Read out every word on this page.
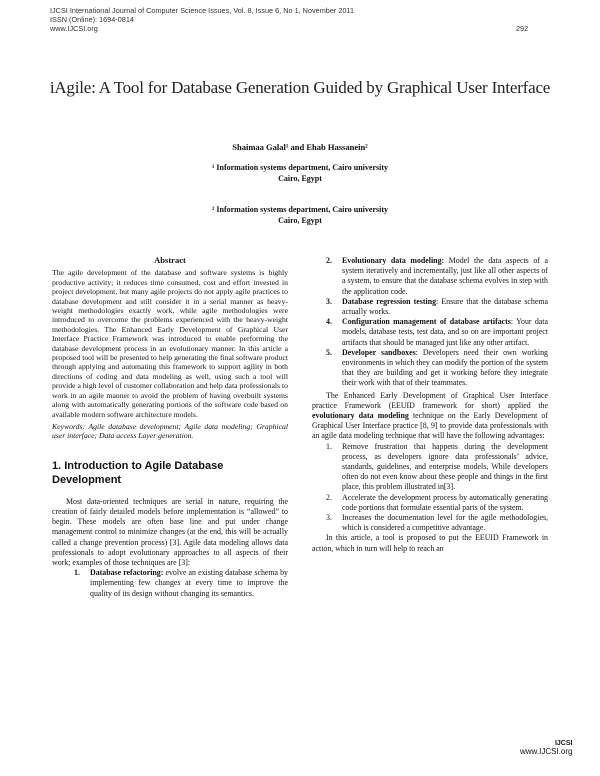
IJCSI International Journal of Computer Science Issues, Vol. 8, Issue 6, No 1, November 2011
ISSN (Online): 1694-0814
www.IJCSI.org	292
iAgile: A Tool for Database Generation Guided by Graphical User Interface
Shaimaa Galal¹ and Ehab Hassanein²
¹ Information systems department, Cairo university
Cairo, Egypt
² Information systems department, Cairo university
Cairo, Egypt

Abstract

The agile development of the database and software systems is highly productive activity; it reduces time consumed, cost and effort invested in project development, but many agile projects do not apply agile practices to database development and still consider it in a serial manner as heavy-weight methodologies exactly work, while agile methodologies were introduced to overcome the problems experienced with the heavy-weight methodologies. The Enhanced Early Development of Graphical User Interface Practice Framework was introduced to enable performing the database development process in an evolutionary manner. In this article a proposed tool will be presented to help generating the final software product through applying and automating this framework to support agility in both directions of coding and data modeling as well, using such a tool will provide a high level of customer collaboration and help data professionals to work in an agile manner to avoid the problem of having overbuilt systems along with automatically generating portions of the software code based on available modern software architecture models.

Keywords: Agile database development; Agile data modeling; Graphical user interface; Data access Layer generation.

1. Introduction to Agile Database Development

Most data-oriented techniques are serial in nature, requiring the creation of fairly detailed models before implementation is “allowed” to begin. These models are often base line and put under change management control to minimize changes (at the end, this will be actually called a change prevention process) [3]. Agile data modeling allows data professionals to adopt evolutionary approaches to all aspects of their work; examples of those techniques are [3]:

1.	Database refactoring: evolve an existing database schema by implementing few changes at every time to improve the quality of its design without changing its semantics.
2.	Evolutionary data modeling: Model the data aspects of a system iteratively and incrementally, just like all other aspects of a system, to ensure that the database schema evolves in step with the application code.
3.	Database regression testing: Ensure that the database schema actually works.
4.	Configuration management of database artifacts: Your data models, database tests, test data, and so on are important project artifacts that should be managed just like any other artifact.
5.	Developer sandboxes: Developers need their own working environments in which they can modify the portion of the system that they are building and get it working before they integrate their work with that of their teammates.

The Enhanced Early Development of Graphical User Interface practice Framework (EEUID framework for short) applied the evolutionary data modeling technique on the Early Development of Graphical User Interface practice [8, 9] to provide data professionals with an agile data modeling technique that will have the following advantages:

1.	Remove frustration that happens during the development process, as developers ignore data professionals’ advice, standards, guidelines, and enterprise models, While developers often do not even know about these people and things in the first place, this problem illustrated in[3].
2.	Accelerate the development process by automatically generating code portions that formulate essential parts of the system.
3.	Increases the documentation level for the agile methodologies, which is considered a competitive advantage.

In this article, a tool is proposed to put the EEUID Framework in action, which in turn will help to reach an

IJCSI
www.IJCSI.org
